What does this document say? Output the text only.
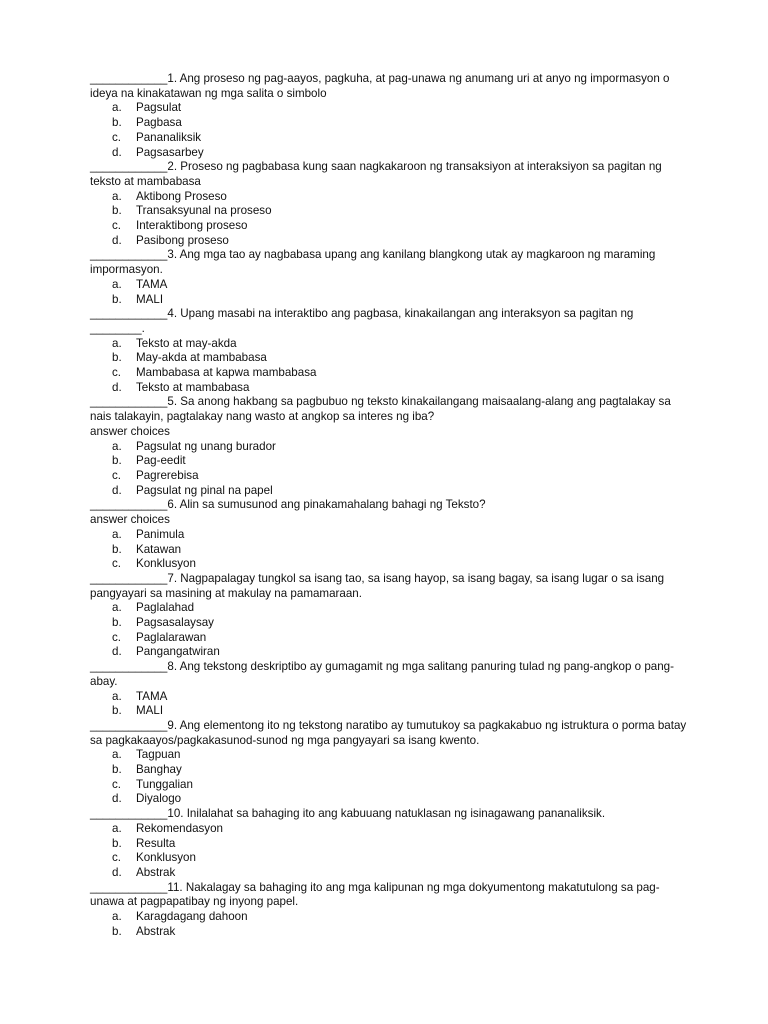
____________1. Ang proseso ng pag-aayos, pagkuha, at pag-unawa ng anumang uri at anyo ng impormasyon o ideya na kinakatawan ng mga salita o simbolo
a.	Pagsulat
b.	Pagbasa
c.	Pananaliksik
d.	Pagsasarbey
____________2. Proseso ng pagbabasa kung saan nagkakaroon ng transaksiyon at interaksiyon sa pagitan ng teksto at mambabasa
a.	Aktibong Proseso
b.	Transaksyunal na proseso
c.	Interaktibong proseso
d.	Pasibong proseso
____________3. Ang mga tao ay nagbabasa upang ang kanilang blangkong utak ay magkaroon ng maraming impormasyon.
a.	TAMA
b.	MALI
____________4. Upang masabi na interaktibo ang pagbasa, kinakailangan ang interaksyon sa pagitan ng ________.
a.	Teksto at may-akda
b.	May-akda at mambabasa
c.	Mambabasa at kapwa mambabasa
d.	Teksto at mambabasa
____________5. Sa anong hakbang sa pagbubuo ng teksto kinakailangang maisaalang-alang ang pagtalakay sa nais talakayin, pagtalakay nang wasto at angkop sa interes ng iba?
answer choices
a.	Pagsulat ng unang burador
b.	Pag-eedit
c.	Pagrerebisa
d.	Pagsulat ng pinal na papel
____________6. Alin sa sumusunod ang pinakamahalang bahagi ng Teksto?
answer choices
a.	Panimula
b.	Katawan
c.	Konklusyon
____________7. Nagpapalagay tungkol sa isang tao, sa isang hayop, sa isang bagay, sa isang lugar o sa isang pangyayari sa masining at makulay na pamamaraan.
a.	Paglalahad
b.	Pagsasalaysay
c.	Paglalarawan
d.	Pangangatwiran
____________8. Ang tekstong deskriptibo ay gumagamit ng mga salitang panuring tulad ng pang-angkop o pang-abay.
a.	TAMA
b.	MALI
____________9. Ang elementong ito ng tekstong naratibo ay tumutukoy sa pagkakabuo ng istruktura o porma batay sa pagkakaayos/pagkakasunod-sunod ng mga pangyayari sa isang kwento.
a.	Tagpuan
b.	Banghay
c.	Tunggalian
d.	Diyalogo
____________10. Inilalahat sa bahaging ito ang kabuuang natuklasan ng isinagawang pananaliksik.
a.	Rekomendasyon
b.	Resulta
c.	Konklusyon
d.	Abstrak
____________11. Nakalagay sa bahaging ito ang mga kalipunan ng mga dokyumentong makatutulong sa pag-unawa at pagpapatibay ng inyong papel.
a.	Karagdagang dahoon
b.	Abstrak
